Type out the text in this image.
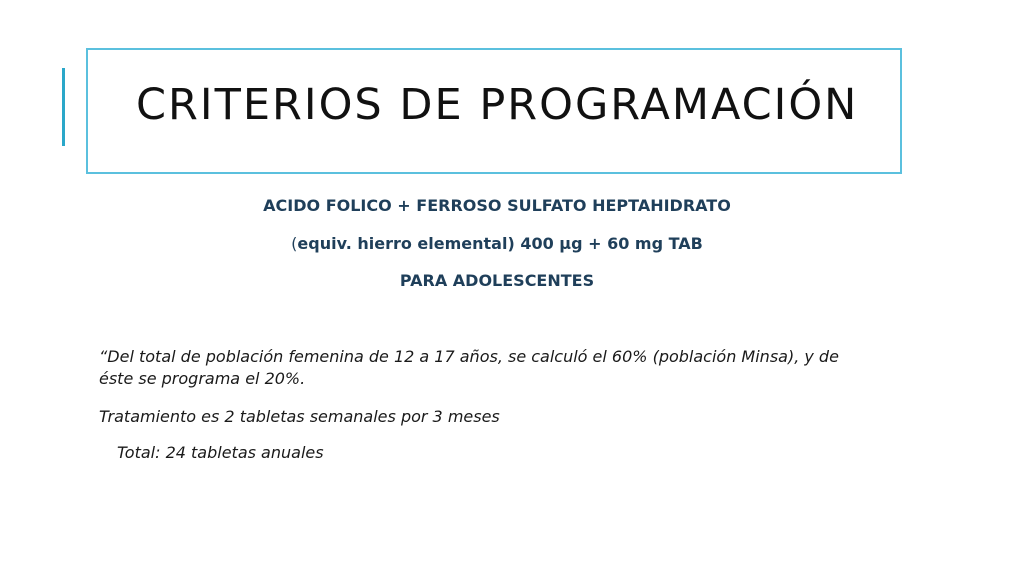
CRITERIOS DE PROGRAMACIÓN
ACIDO FOLICO + FERROSO SULFATO HEPTAHIDRATO
(equiv. hierro elemental) 400 µg + 60 mg TAB
PARA ADOLESCENTES
“Del total de población femenina de 12 a 17 años, se calculó el 60% (población Minsa), y de éste se programa el 20%.
Tratamiento es 2 tabletas semanales por 3 meses
Total: 24 tabletas anuales
